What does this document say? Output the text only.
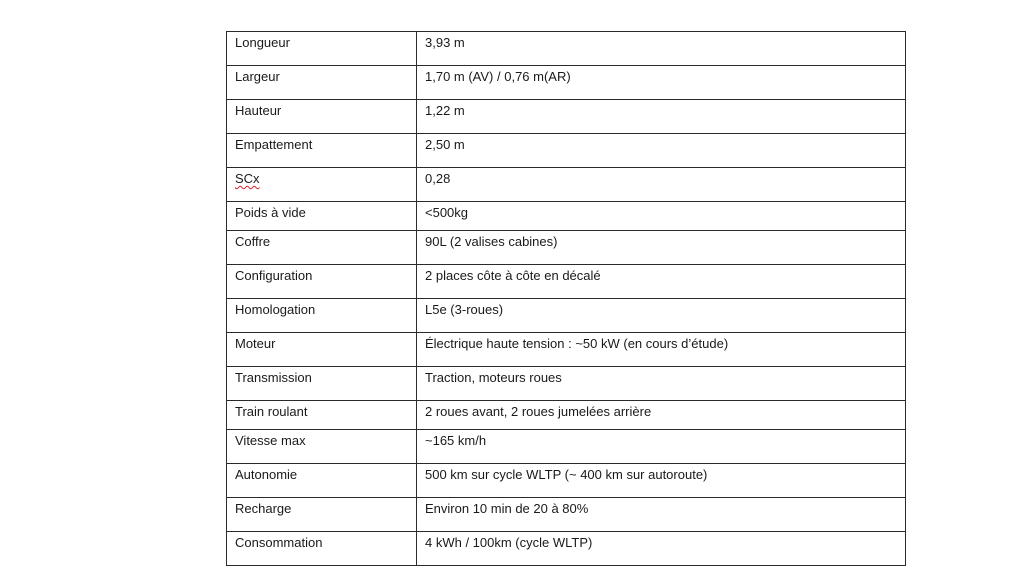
Longueur	3,93 m
Largeur	1,70 m (AV) / 0,76 m(AR)
Hauteur	1,22 m
Empattement	2,50 m
SCx	0,28
Poids à vide	<500kg
Coffre	90L (2 valises cabines)
Configuration	2 places côte à côte en décalé
Homologation	L5e (3-roues)
Moteur	Électrique haute tension : ~50 kW (en cours d’étude)
Transmission	Traction, moteurs roues
Train roulant	2 roues avant, 2 roues jumelées arrière
Vitesse max	~165 km/h
Autonomie	500 km sur cycle WLTP (~ 400 km sur autoroute)
Recharge	Environ 10 min de 20 à 80%
Consommation	4 kWh / 100km (cycle WLTP)
